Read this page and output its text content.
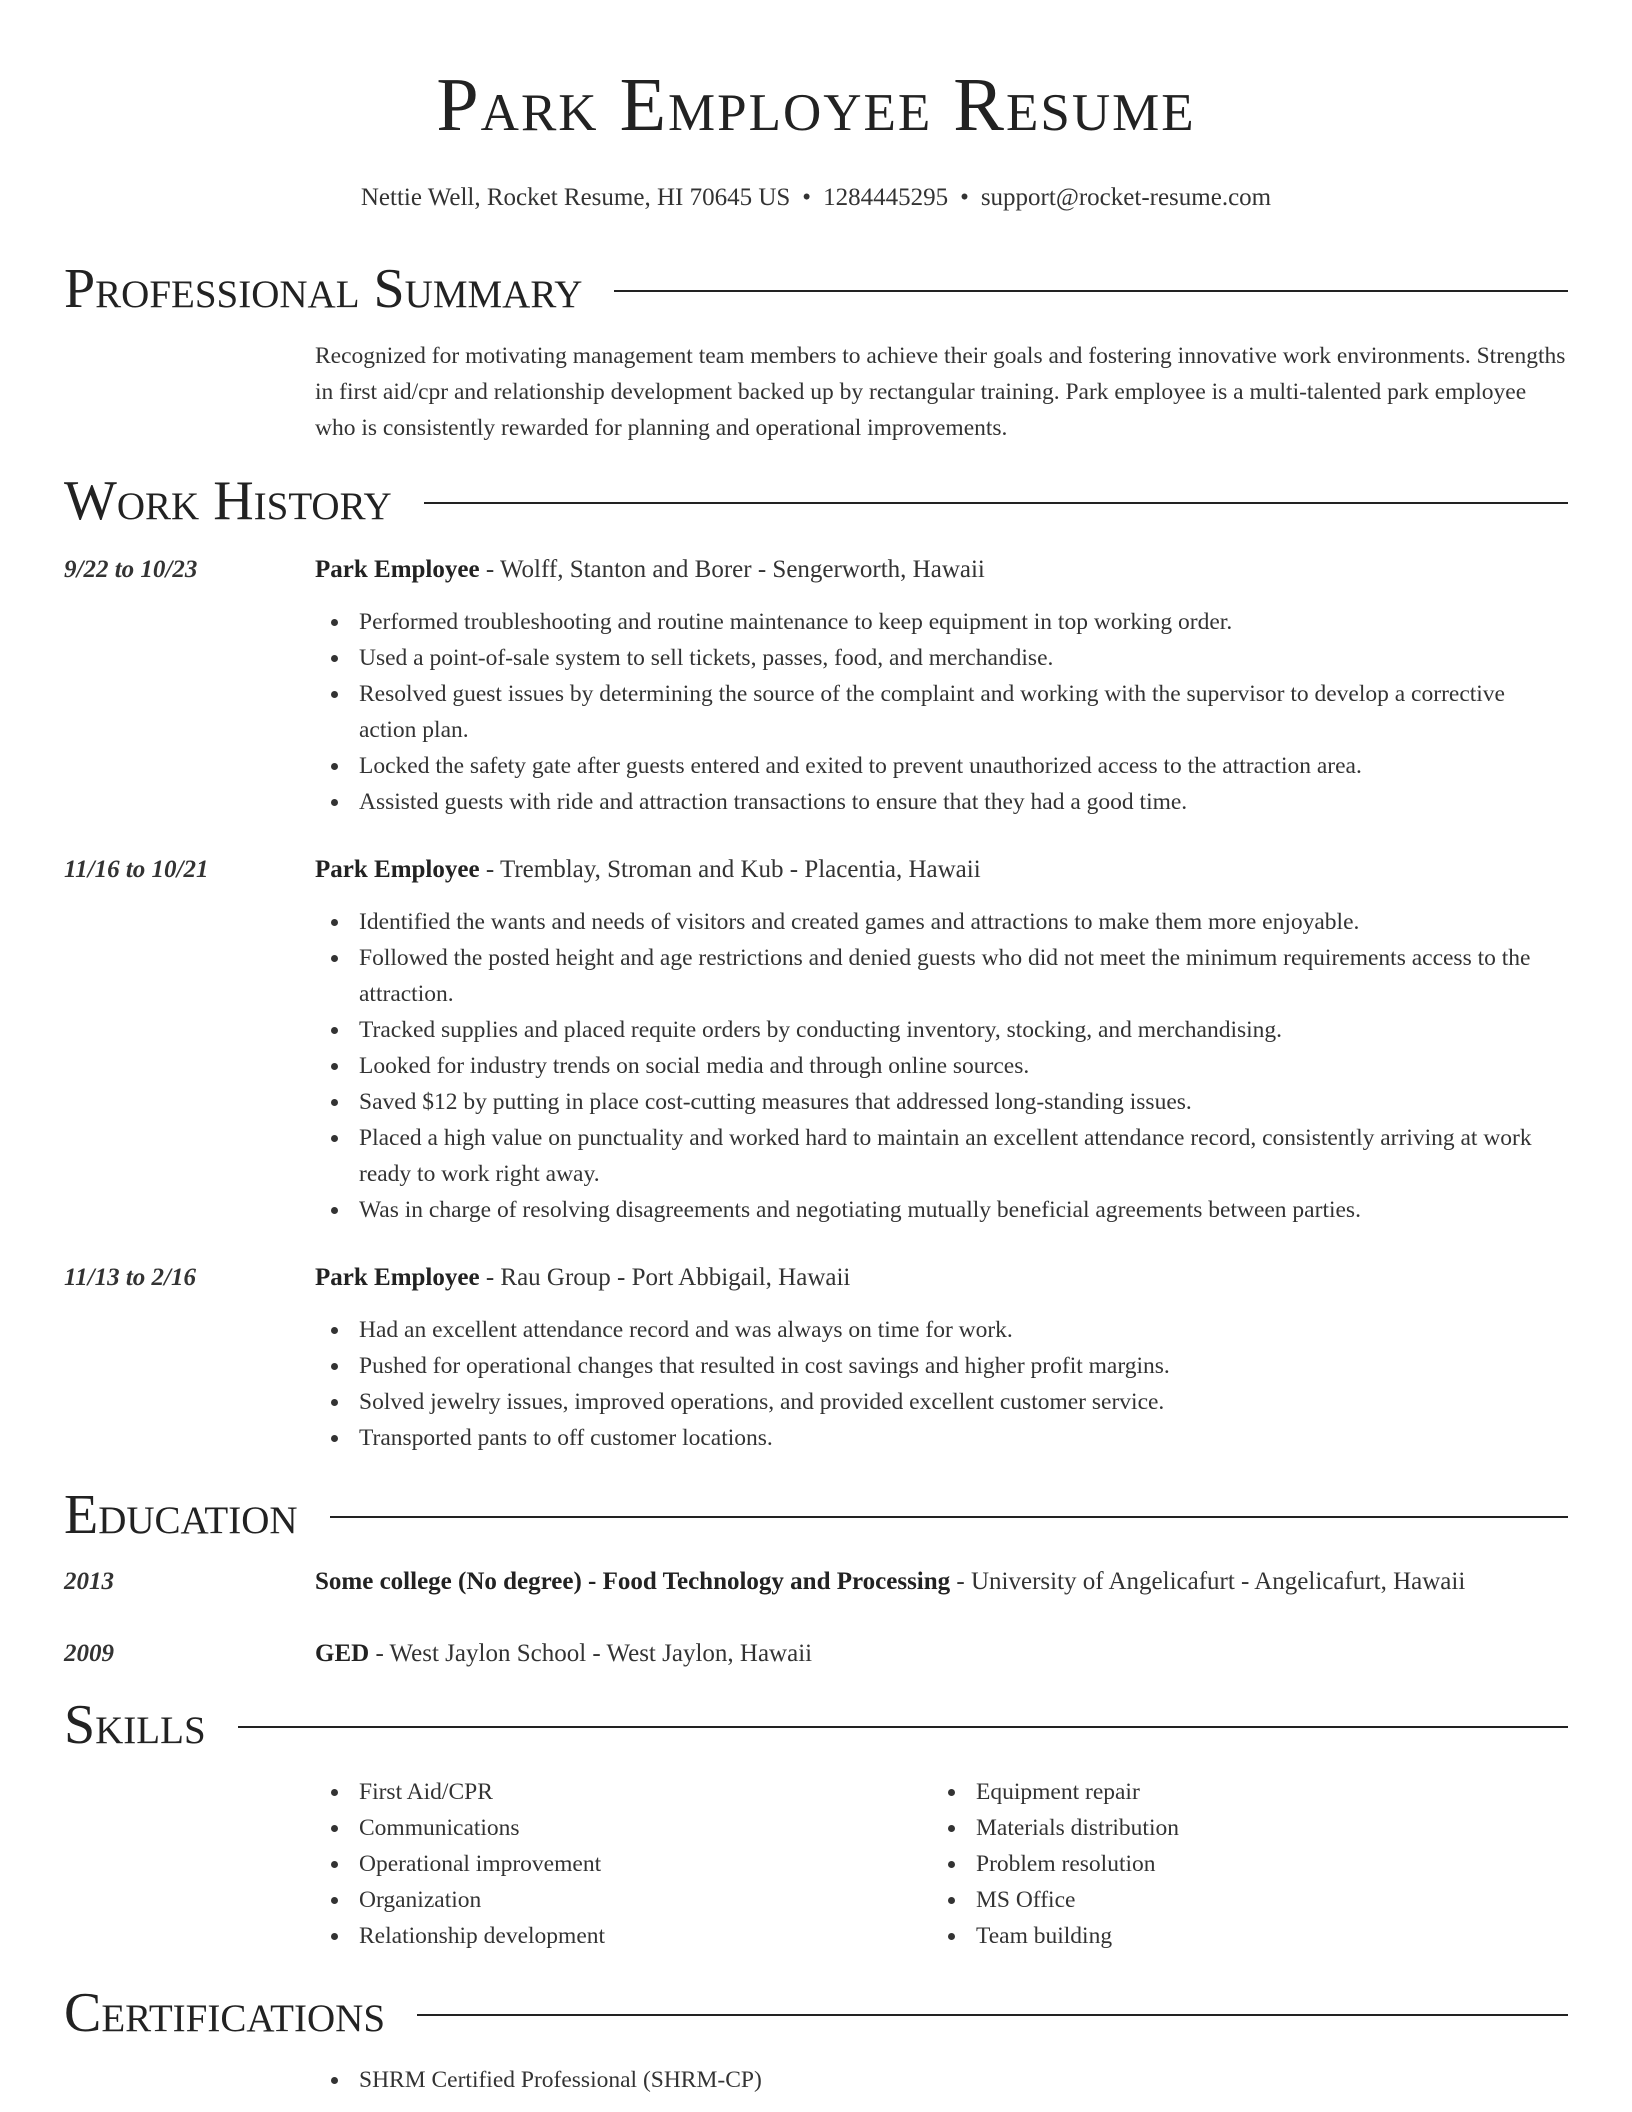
Park Employee Resume
Nettie Well, Rocket Resume, HI 70645 US • 1284445295 • support@rocket-resume.com
Professional Summary
Recognized for motivating management team members to achieve their goals and fostering innovative work environments. Strengths in first aid/cpr and relationship development backed up by rectangular training. Park employee is a multi-talented park employee who is consistently rewarded for planning and operational improvements.
Work History
9/22 to 10/23	Park Employee - Wolff, Stanton and Borer - Sengerworth, Hawaii
Performed troubleshooting and routine maintenance to keep equipment in top working order.
Used a point-of-sale system to sell tickets, passes, food, and merchandise.
Resolved guest issues by determining the source of the complaint and working with the supervisor to develop a corrective action plan.
Locked the safety gate after guests entered and exited to prevent unauthorized access to the attraction area.
Assisted guests with ride and attraction transactions to ensure that they had a good time.
11/16 to 10/21	Park Employee - Tremblay, Stroman and Kub - Placentia, Hawaii
Identified the wants and needs of visitors and created games and attractions to make them more enjoyable.
Followed the posted height and age restrictions and denied guests who did not meet the minimum requirements access to the attraction.
Tracked supplies and placed requite orders by conducting inventory, stocking, and merchandising.
Looked for industry trends on social media and through online sources.
Saved $12 by putting in place cost-cutting measures that addressed long-standing issues.
Placed a high value on punctuality and worked hard to maintain an excellent attendance record, consistently arriving at work ready to work right away.
Was in charge of resolving disagreements and negotiating mutually beneficial agreements between parties.
11/13 to 2/16	Park Employee - Rau Group - Port Abbigail, Hawaii
Had an excellent attendance record and was always on time for work.
Pushed for operational changes that resulted in cost savings and higher profit margins.
Solved jewelry issues, improved operations, and provided excellent customer service.
Transported pants to off customer locations.
Education
2013	Some college (No degree) - Food Technology and Processing - University of Angelicafurt - Angelicafurt, Hawaii
2009	GED - West Jaylon School - West Jaylon, Hawaii
Skills
First Aid/CPR
Communications
Operational improvement
Organization
Relationship development
Equipment repair
Materials distribution
Problem resolution
MS Office
Team building
Certifications
SHRM Certified Professional (SHRM-CP)
